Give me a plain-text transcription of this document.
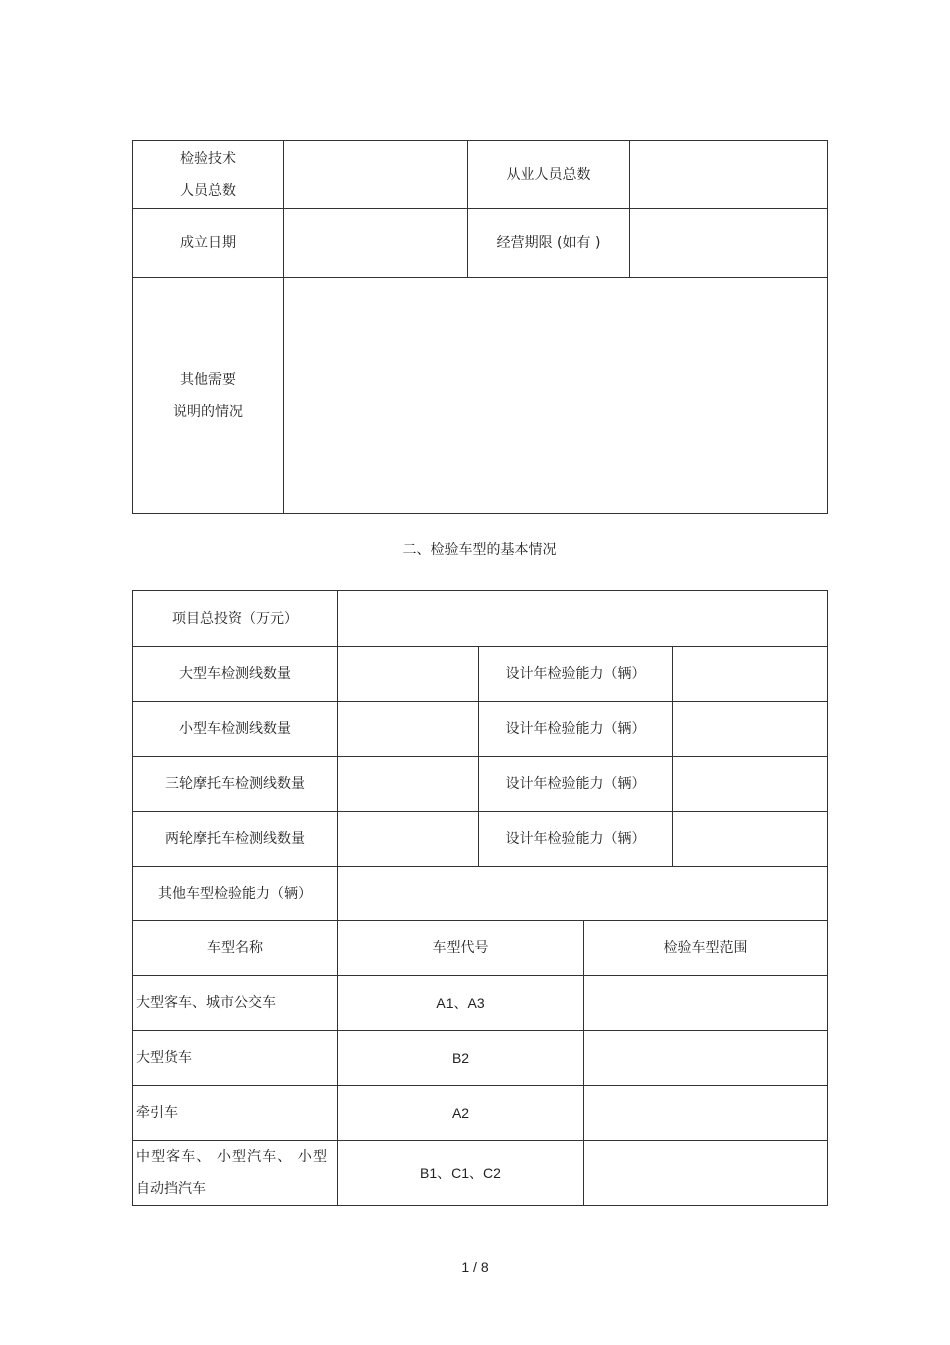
检验技术
人员总数		从业人员总数	
成立日期		经营期限 (如有 )	

其他需要
说明的情况			

二、检验车型的基本情况
项目总投资（万元）				
大型车检测线数量		设计年检验能力（辆）		
小型车检测线数量		设计年检验能力（辆）		
三轮摩托车检测线数量		设计年检验能力（辆）		
两轮摩托车检测线数量		设计年检验能力（辆）		
其他车型检验能力（辆）				
车型名称	车型代号		检验车型范围	
大型客车、城市公交车	A1、A3			
大型货车	B2			
牵引车	A2			

中型客车、 小型汽车、 小型
自动挡汽车	B1、C1、C2			
1 / 8
